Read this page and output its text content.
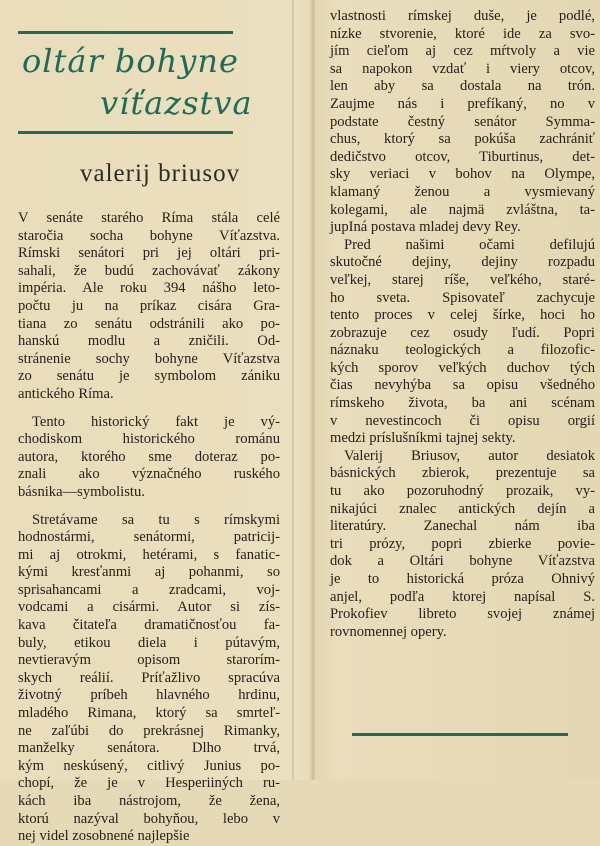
oltár bohyne
víťazstva
valerij briusov
V senáte starého Ríma stála celé
staročia socha bohyne Víťazstva.
Rímski senátori pri jej oltári pri-
sahali, že budú zachovávať zákony
impéria. Ale roku 394 nášho leto-
počtu ju na príkaz cisára Gra-
tiana zo senátu odstránili ako po-
hanskú modlu a zničili. Od-
stránenie sochy bohyne Víťazstva
zo senátu je symbolom zániku
antického Ríma.
Tento historický fakt je vý-
chodiskom historického románu
autora, ktorého sme doteraz po-
znali ako význačného ruského
básnika—symbolistu.
Stretávame sa tu s rímskymi
hodnostármi, senátormi, patricij-
mi aj otrokmi, hetérami, s fanatic-
kými kresťanmi aj pohanmi, so
sprisahancami a zradcami, voj-
vodcami a cisármi. Autor si zís-
kava čitateľa dramatičnosťou fa-
buly, etikou diela i pútavým,
nevtieravým opisom starorím-
skych reálií. Príťažlivo spracúva
životný príbeh hlavného hrdinu,
mladého Rimana, ktorý sa smrteľ-
ne zaľúbi do prekrásnej Rimanky,
manželky senátora. Dlho trvá,
kým neskúsený, citlivý Junius po-
chopí, že je v Hesperiiných ru-
kách iba nástrojom, že žena,
ktorú nazýval bohyňou, lebo v
nej videl zosobnené najlepšie
vlastnosti rímskej duše, je podlé,
nízke stvorenie, ktoré ide za svo-
jím cieľom aj cez mŕtvoly a vie
sa napokon vzdať i viery otcov,
len aby sa dostala na trón.
Zaujme nás i prefíkaný, no v
podstate čestný senátor Symma-
chus, ktorý sa pokúša zachrániť
dedičstvo otcov, Tiburtinus, det-
sky veriaci v bohov na Olympe,
klamaný ženou a vysmievaný
kolegami, ale najmä zvláštna, ta-
jupIná postava mladej devy Rey.
Pred našimi očami defilujú
skutočné dejiny, dejiny rozpadu
veľkej, starej ríše, veľkého, staré-
ho sveta. Spisovateľ zachycuje
tento proces v celej šírke, hoci ho
zobrazuje cez osudy ľudí. Popri
náznaku teologických a filozofic-
kých sporov veľkých duchov tých
čias nevyhýba sa opisu všedného
rímskeho života, ba ani scénam
v nevestincoch či opisu orgií
medzi príslušníkmi tajnej sekty.
Valerij Briusov, autor desiatok
básnických zbierok, prezentuje sa
tu ako pozoruhodný prozaik, vy-
nikajúci znalec antických dejín a
literatúry. Zanechal nám iba
tri prózy, popri zbierke povie-
dok a Oltári bohyne Víťazstva
je to historická próza Ohnivý
anjel, podľa ktorej napísal S.
Prokofiev libreto svojej známej
rovnomennej opery.
